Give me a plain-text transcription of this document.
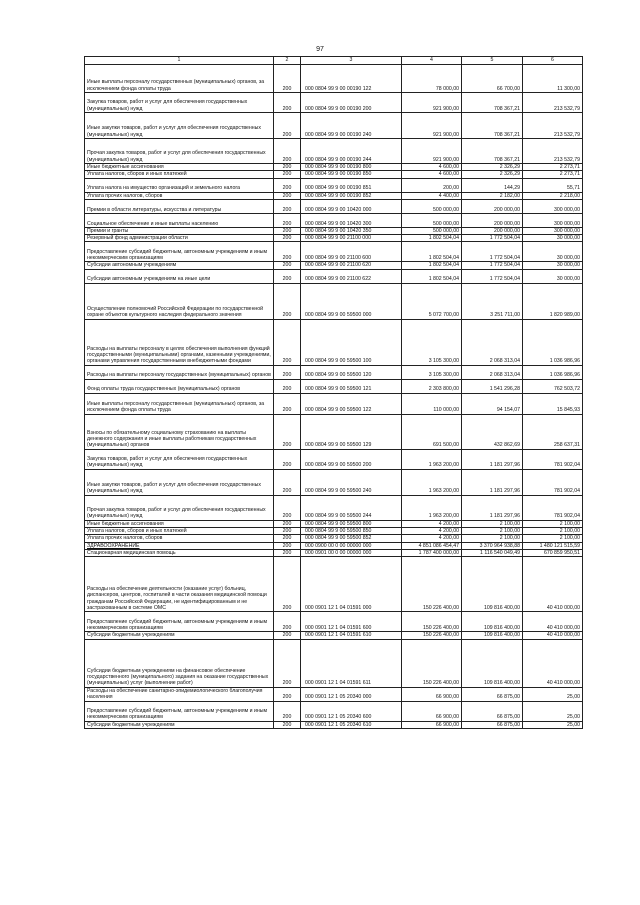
97
1	2	3	4	5	6
Иные выплаты персоналу государственных (муниципальных) органов, за исключением фонда оплаты труда	200	000 0804 99 9 00 00190 122	78 000,00	66 700,00	11 300,00
Закупка товаров, работ и услуг для обеспечения государственных (муниципальных) нужд	200	000 0804 99 9 00 00190 200	921 900,00	708 367,21	213 532,79
Иные закупки товаров, работ и услуг для обеспечения государственных (муниципальных) нужд	200	000 0804 99 9 00 00190 240	921 900,00	708 367,21	213 532,79
Прочая закупка товаров, работ и услуг для обеспечения государственных (муниципальных) нужд	200	000 0804 99 9 00 00190 244	921 900,00	708 367,21	213 532,79
Иные бюджетные ассигнования	200	000 0804 99 9 00 00190 800	4 600,00	2 326,29	2 273,71
Уплата налогов, сборов и иных платежей	200	000 0804 99 9 00 00190 850	4 600,00	2 326,29	2 273,71
Уплата налога на имущество организаций и земельного налога	200	000 0804 99 9 00 00190 851	200,00	144,29	55,71
Уплата прочих налогов, сборов	200	000 0804 99 9 00 00190 852	4 400,00	2 182,00	2 218,00
Премии в области литературы, искусства и литературы	200	000 0804 99 9 00 10420 000	500 000,00	200 000,00	300 000,00
Социальное обеспечение и иные выплаты населению	200	000 0804 99 9 00 10420 300	500 000,00	200 000,00	300 000,00
Премии и гранты	200	000 0804 99 9 00 10420 350	500 000,00	200 000,00	300 000,00
Резервный фонд администрации области	200	000 0804 99 9 00 21100 000	1 802 504,04	1 772 504,04	30 000,00
Предоставление субсидий бюджетным, автономным учреждениям и иным некоммерческим организациям	200	000 0804 99 9 00 21100 600	1 802 504,04	1 772 504,04	30 000,00
Субсидии автономным учреждениям	200	000 0804 99 9 00 21100 620	1 802 504,04	1 772 504,04	30 000,00
Субсидии автономным учреждениям на иные цели	200	000 0804 99 9 00 21100 622	1 802 504,04	1 772 504,04	30 000,00
Осуществление полномочий Российской Федерации по государственной охране объектов культурного наследия федерального значения	200	000 0804 99 9 00 59500 000	5 072 700,00	3 251 711,00	1 820 989,00
Расходы на выплаты персоналу в целях обеспечения выполнения функций государственными (муниципальными) органами, казенными учреждениями, органами управления государственными внебюджетными фондами	200	000 0804 99 9 00 59500 100	3 105 300,00	2 068 313,04	1 036 986,96
Расходы на выплаты персоналу государственных (муниципальных) органов	200	000 0804 99 9 00 59500 120	3 105 300,00	2 068 313,04	1 036 986,96
Фонд оплаты труда государственных (муниципальных) органов	200	000 0804 99 9 00 59500 121	2 303 800,00	1 541 296,28	762 503,72
Иные выплаты персоналу государственных (муниципальных) органов, за исключением фонда оплаты труда	200	000 0804 99 9 00 59500 122	110 000,00	94 154,07	15 845,93
Взносы по обязательному социальному страхованию на выплаты денежного содержания и иные выплаты работникам государственных (муниципальных) органов	200	000 0804 99 9 00 59500 129	691 500,00	432 862,69	258 637,31
Закупка товаров, работ и услуг для обеспечения государственных (муниципальных) нужд	200	000 0804 99 9 00 59500 200	1 963 200,00	1 181 297,96	781 902,04
Иные закупки товаров, работ и услуг для обеспечения государственных (муниципальных) нужд	200	000 0804 99 9 00 59500 240	1 963 200,00	1 181 297,96	781 902,04
Прочая закупка товаров, работ и услуг для обеспечения государственных (муниципальных) нужд	200	000 0804 99 9 00 59500 244	1 963 200,00	1 181 297,96	781 902,04
Иные бюджетные ассигнования	200	000 0804 99 9 00 59500 800	4 200,00	2 100,00	2 100,00
Уплата налогов, сборов и иных платежей	200	000 0804 99 9 00 59500 850	4 200,00	2 100,00	2 100,00
Уплата прочих налогов, сборов	200	000 0804 99 9 00 59500 852	4 200,00	2 100,00	2 100,00
ЗДРАВООХРАНЕНИЕ	200	000 0900 00 0 00 00000 000	4 851 086 454,47	3 370 964 938,88	1 480 121 515,59
Стационарная медицинская помощь	200	000 0901 00 0 00 00000 000	1 787 400 000,00	1 116 540 049,49	670 859 950,51
Расходы на обеспечение деятельности (оказание услуг) больниц, диспансеров, центров, госпиталей в части оказания медицинской помощи гражданам Российской Федерации, не идентифицированным и не застрахованным в системе ОМС	200	000 0901 12 1 04 01591 000	150 226 400,00	109 816 400,00	40 410 000,00
Предоставление субсидий бюджетным, автономным учреждениям и иным некоммерческим организациям	200	000 0901 12 1 04 01591 600	150 226 400,00	109 816 400,00	40 410 000,00
Субсидии бюджетным учреждениям	200	000 0901 12 1 04 01591 610	150 226 400,00	109 816 400,00	40 410 000,00
Субсидии бюджетным учреждениям на финансовое обеспечение государственного (муниципального) задания на оказание государственных (муниципальных) услуг (выполнение работ)	200	000 0901 12 1 04 01591 611	150 226 400,00	109 816 400,00	40 410 000,00
Расходы на обеспечение санитарно-эпидемиологического благополучия населения	200	000 0901 12 1 05 20340 000	66 900,00	66 875,00	25,00
Предоставление субсидий бюджетным, автономным учреждениям и иным некоммерческим организациям	200	000 0901 12 1 05 20340 600	66 900,00	66 875,00	25,00
Субсидии бюджетным учреждениям	200	000 0901 12 1 05 20340 610	66 900,00	66 875,00	25,00
